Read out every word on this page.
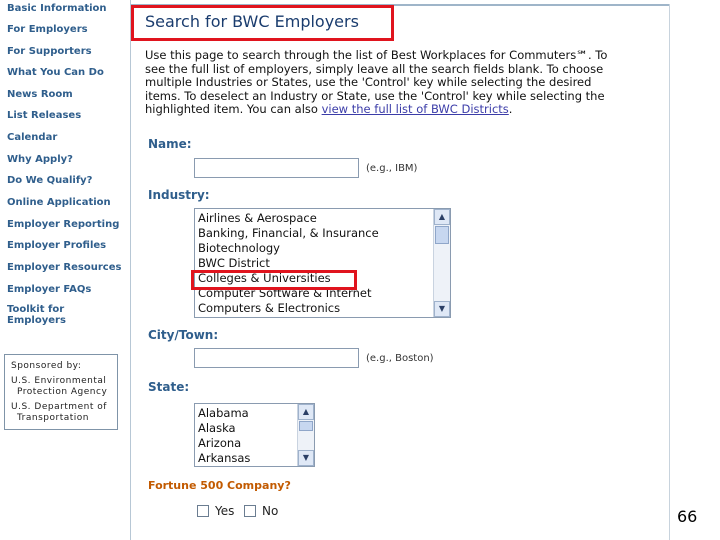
Basic Information
For Employers
For Supporters
What You Can Do
News Room
List Releases
Calendar
Why Apply?
Do We Qualify?
Online Application
Employer Reporting
Employer Profiles
Employer Resources
Employer FAQs
Toolkit for Employers
Sponsored by:
U.S. Environmental
Protection Agency
U.S. Department of
Transportation
Search for BWC Employers
Use this page to search through the list of Best Workplaces for Commuters℠. To see the full list of employers, simply leave all the search fields blank. To choose multiple Industries or States, use the 'Control' key while selecting the desired items. To deselect an Industry or State, use the 'Control' key while selecting the highlighted item. You can also view the full list of BWC Districts.
Name:
(e.g., IBM)
Industry:
Airlines & Aerospace
Banking, Financial, & Insurance
Biotechnology
BWC District
Colleges & Universities
Computer Software & Internet
Computers & Electronics
▲
▼
City/Town:
(e.g., Boston)
State:
Alabama
Alaska
Arizona
Arkansas
▲
▼
Fortune 500 Company?
Yes No	66
